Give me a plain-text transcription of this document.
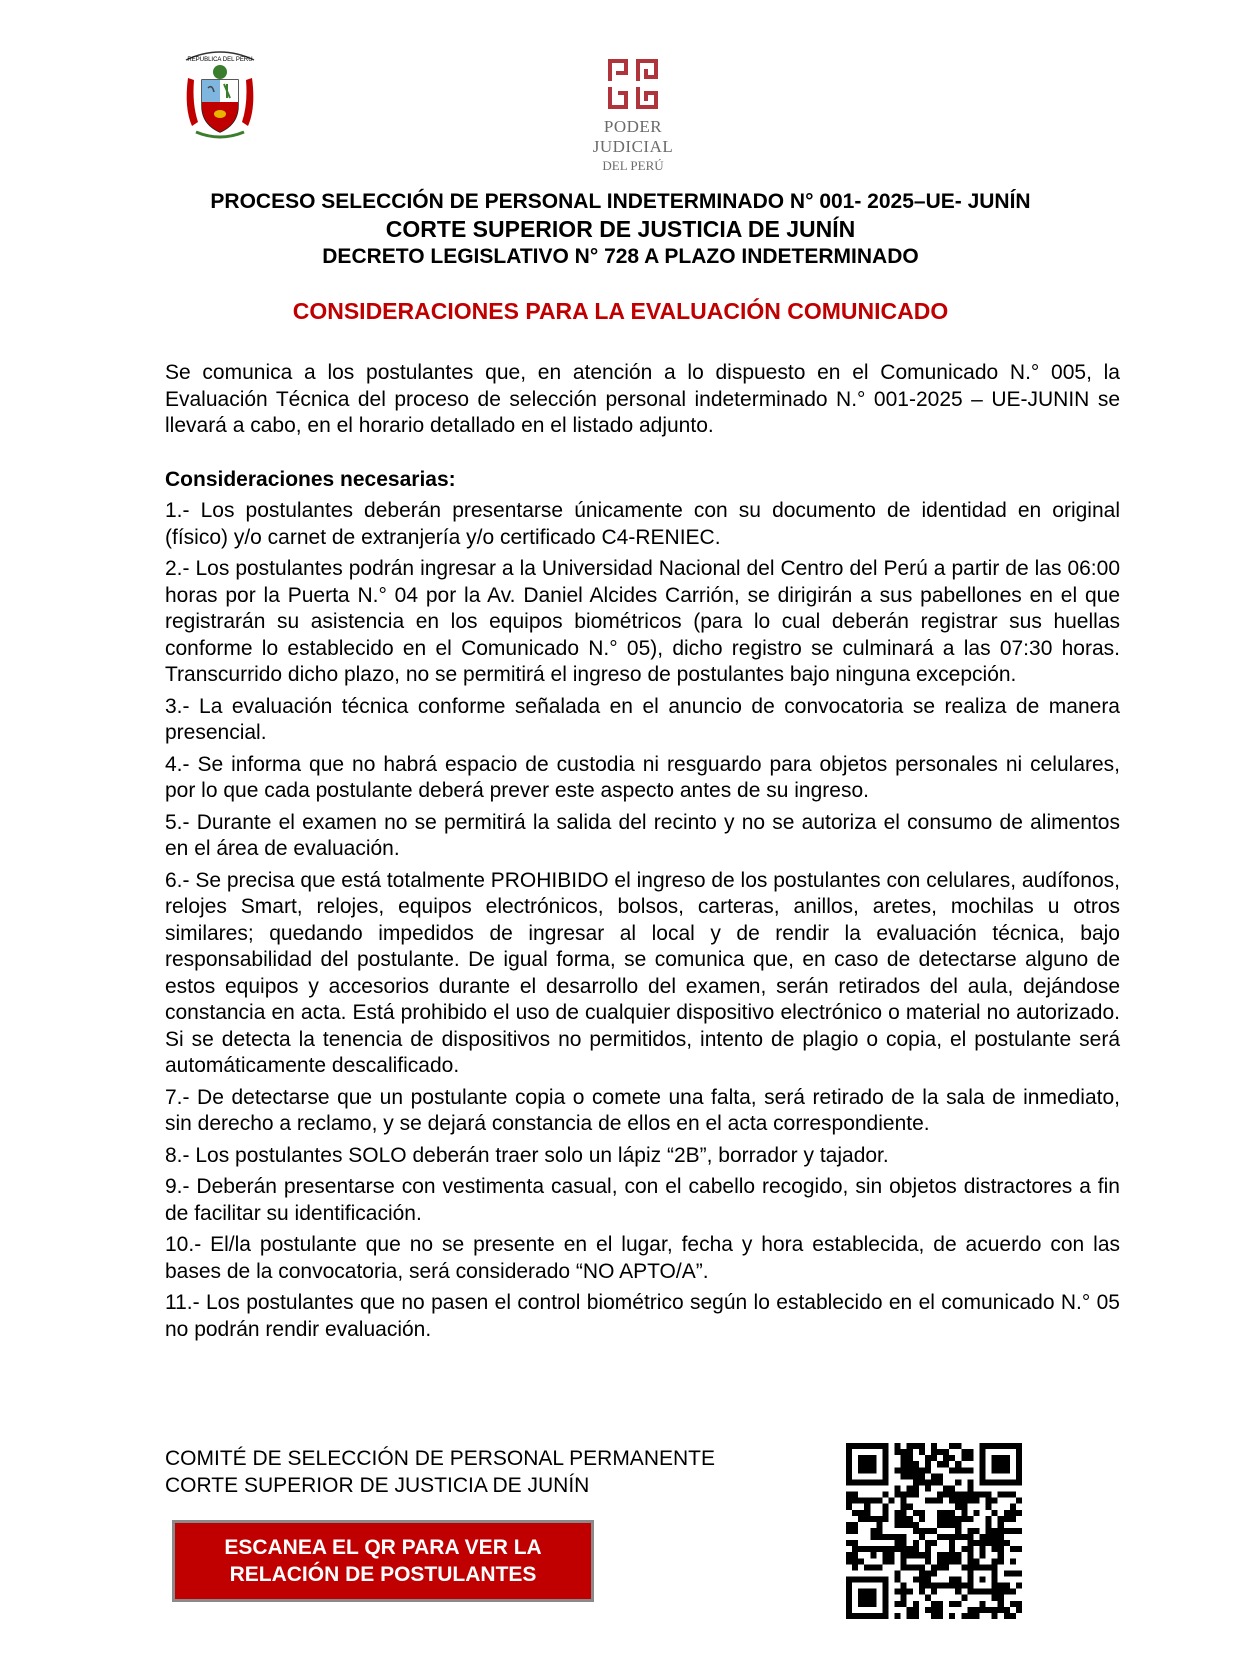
REPUBLICA DEL PERU
PODER JUDICIAL
DEL PERÚ
PROCESO SELECCIÓN DE PERSONAL INDETERMINADO N° 001- 2025–UE- JUNÍN
CORTE SUPERIOR DE JUSTICIA DE JUNÍN
DECRETO LEGISLATIVO N° 728 A PLAZO INDETERMINADO
CONSIDERACIONES PARA LA EVALUACIÓN COMUNICADO

Se comunica a los postulantes que, en atención a lo dispuesto en el Comunicado N.° 005, la Evaluación Técnica del proceso de selección personal indeterminado N.° 001-2025 – UE-JUNIN se llevará a cabo, en el horario detallado en el listado adjunto.

Consideraciones necesarias:

1.- Los postulantes deberán presentarse únicamente con su documento de identidad en original (físico) y/o carnet de extranjería y/o certificado C4-RENIEC.

2.- Los postulantes podrán ingresar a la Universidad Nacional del Centro del Perú a partir de las 06:00 horas por la Puerta N.° 04 por la Av. Daniel Alcides Carrión, se dirigirán a sus pabellones en el que registrarán su asistencia en los equipos biométricos (para lo cual deberán registrar sus huellas conforme lo establecido en el Comunicado N.° 05), dicho registro se culminará a las 07:30 horas. Transcurrido dicho plazo, no se permitirá el ingreso de postulantes bajo ninguna excepción.

3.- La evaluación técnica conforme señalada en el anuncio de convocatoria se realiza de manera presencial.

4.- Se informa que no habrá espacio de custodia ni resguardo para objetos personales ni celulares, por lo que cada postulante deberá prever este aspecto antes de su ingreso.

5.- Durante el examen no se permitirá la salida del recinto y no se autoriza el consumo de alimentos en el área de evaluación.

6.- Se precisa que está totalmente PROHIBIDO el ingreso de los postulantes con celulares, audífonos, relojes Smart, relojes, equipos electrónicos, bolsos, carteras, anillos, aretes, mochilas u otros similares; quedando impedidos de ingresar al local y de rendir la evaluación técnica, bajo responsabilidad del postulante. De igual forma, se comunica que, en caso de detectarse alguno de estos equipos y accesorios durante el desarrollo del examen, serán retirados del aula, dejándose constancia en acta. Está prohibido el uso de cualquier dispositivo electrónico o material no autorizado. Si se detecta la tenencia de dispositivos no permitidos, intento de plagio o copia, el postulante será automáticamente descalificado.

7.- De detectarse que un postulante copia o comete una falta, será retirado de la sala de inmediato, sin derecho a reclamo, y se dejará constancia de ellos en el acta correspondiente.

8.- Los postulantes SOLO deberán traer solo un lápiz “2B”, borrador y tajador.

9.- Deberán presentarse con vestimenta casual, con el cabello recogido, sin objetos distractores a fin de facilitar su identificación.

10.- El/la postulante que no se presente en el lugar, fecha y hora establecida, de acuerdo con las bases de la convocatoria, será considerado “NO APTO/A”.

11.- Los postulantes que no pasen el control biométrico según lo establecido en el comunicado N.° 05 no podrán rendir evaluación.

COMITÉ DE SELECCIÓN DE PERSONAL PERMANENTE
CORTE SUPERIOR DE JUSTICIA DE JUNÍN
ESCANEA EL QR PARA VER LA
RELACIÓN DE POSTULANTES
